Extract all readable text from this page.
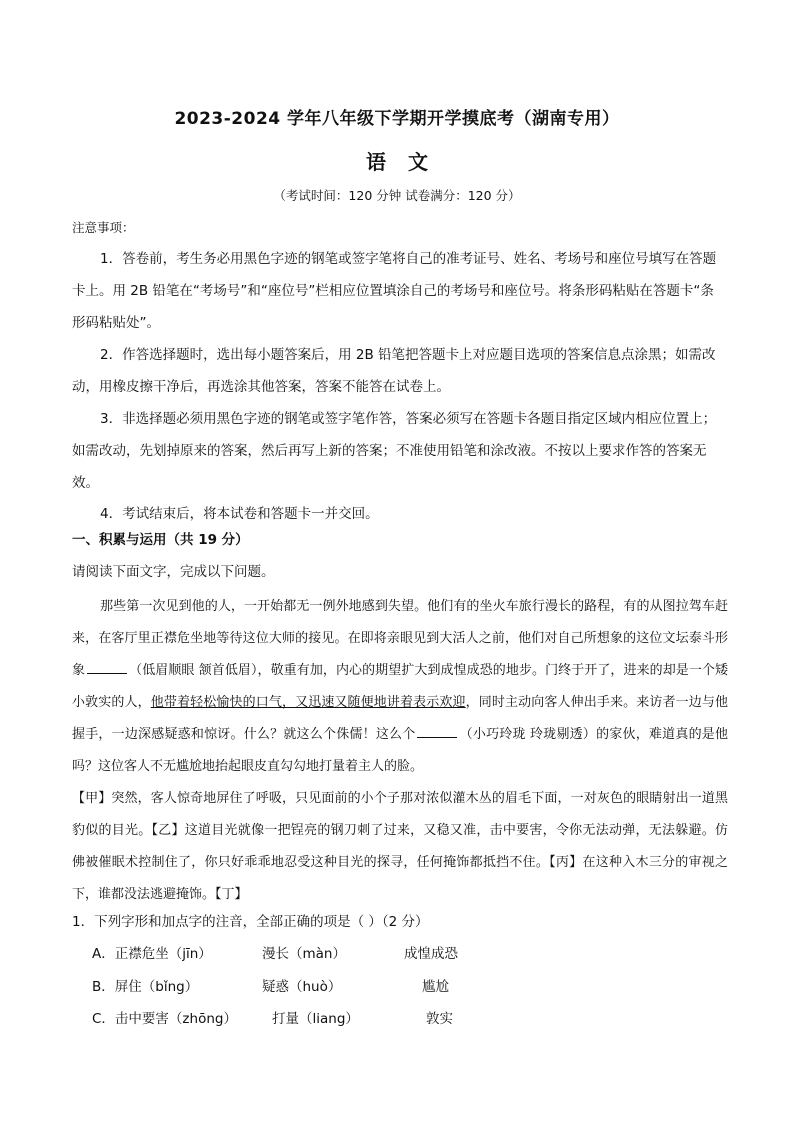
2023-2024 学年八年级下学期开学摸底考（湖南专用）
语文
（考试时间：120 分钟 试卷满分：120 分）
注意事项：
1．答卷前，考生务必用黑色字迹的钢笔或签字笔将自己的准考证号、姓名、考场号和座位号填写在答题卡上。用 2B 铅笔在“考场号”和“座位号”栏相应位置填涂自己的考场号和座位号。将条形码粘贴在答题卡“条形码粘贴处”。
2．作答选择题时，选出每小题答案后，用 2B 铅笔把答题卡上对应题目选项的答案信息点涂黑；如需改动，用橡皮擦干净后，再选涂其他答案，答案不能答在试卷上。
3．非选择题必须用黑色字迹的钢笔或签字笔作答，答案必须写在答题卡各题目指定区域内相应位置上；如需改动，先划掉原来的答案，然后再写上新的答案；不准使用铅笔和涂改液。不按以上要求作答的答案无效。
4．考试结束后，将本试卷和答题卡一并交回。
一、积累与运用（共 19 分）
请阅读下面文字，完成以下问题。
那些第一次见到他的人，一开始都无一例外地感到失望。他们有的坐火车旅行漫长的路程，有的从图拉驾车赶来，在客厅里正襟危坐地等待这位大师的接见。在即将亲眼见到大活人之前，他们对自己所想象的这位文坛泰斗形象	（低眉顺眼 颔首低眉），敬重有加，内心的期望扩大到成惶成恐的地步。门终于开了，进来的却是一个矮小敦实的人，他带着轻松愉快的口气，又迅速又随便地讲着表示欢迎，同时主动向客人伸出手来。来访者一边与他握手，一边深感疑惑和惊讶。什么？就这么个侏儒！这么个	（小巧玲珑 玲珑剔透）的家伙，难道真的是他吗？这位客人不无尴尬地抬起眼皮直勾勾地打量着主人的脸。
【甲】突然，客人惊奇地屏住了呼吸，只见面前的小个子那对浓似灌木丛的眉毛下面，一对灰色的眼睛射出一道黑豹似的目光。【乙】这道目光就像一把锃亮的钢刀刺了过来，又稳又准，击中要害，令你无法动弹，无法躲避。仿佛被催眠术控制住了，你只好乖乖地忍受这种目光的探寻，任何掩饰都抵挡不住。【丙】在这种入木三分的审视之下，谁都没法逃避掩饰。【丁】
1．下列字形和加点字的注音，全部正确的项是（ ）（2 分）
A．正襟危坐（jīn）	漫长（màn）	成惶成恐
B．屏住（bǐng）	疑惑（huò）	尴尬
C．击中要害（zhōng）	打量（liang）	敦实
